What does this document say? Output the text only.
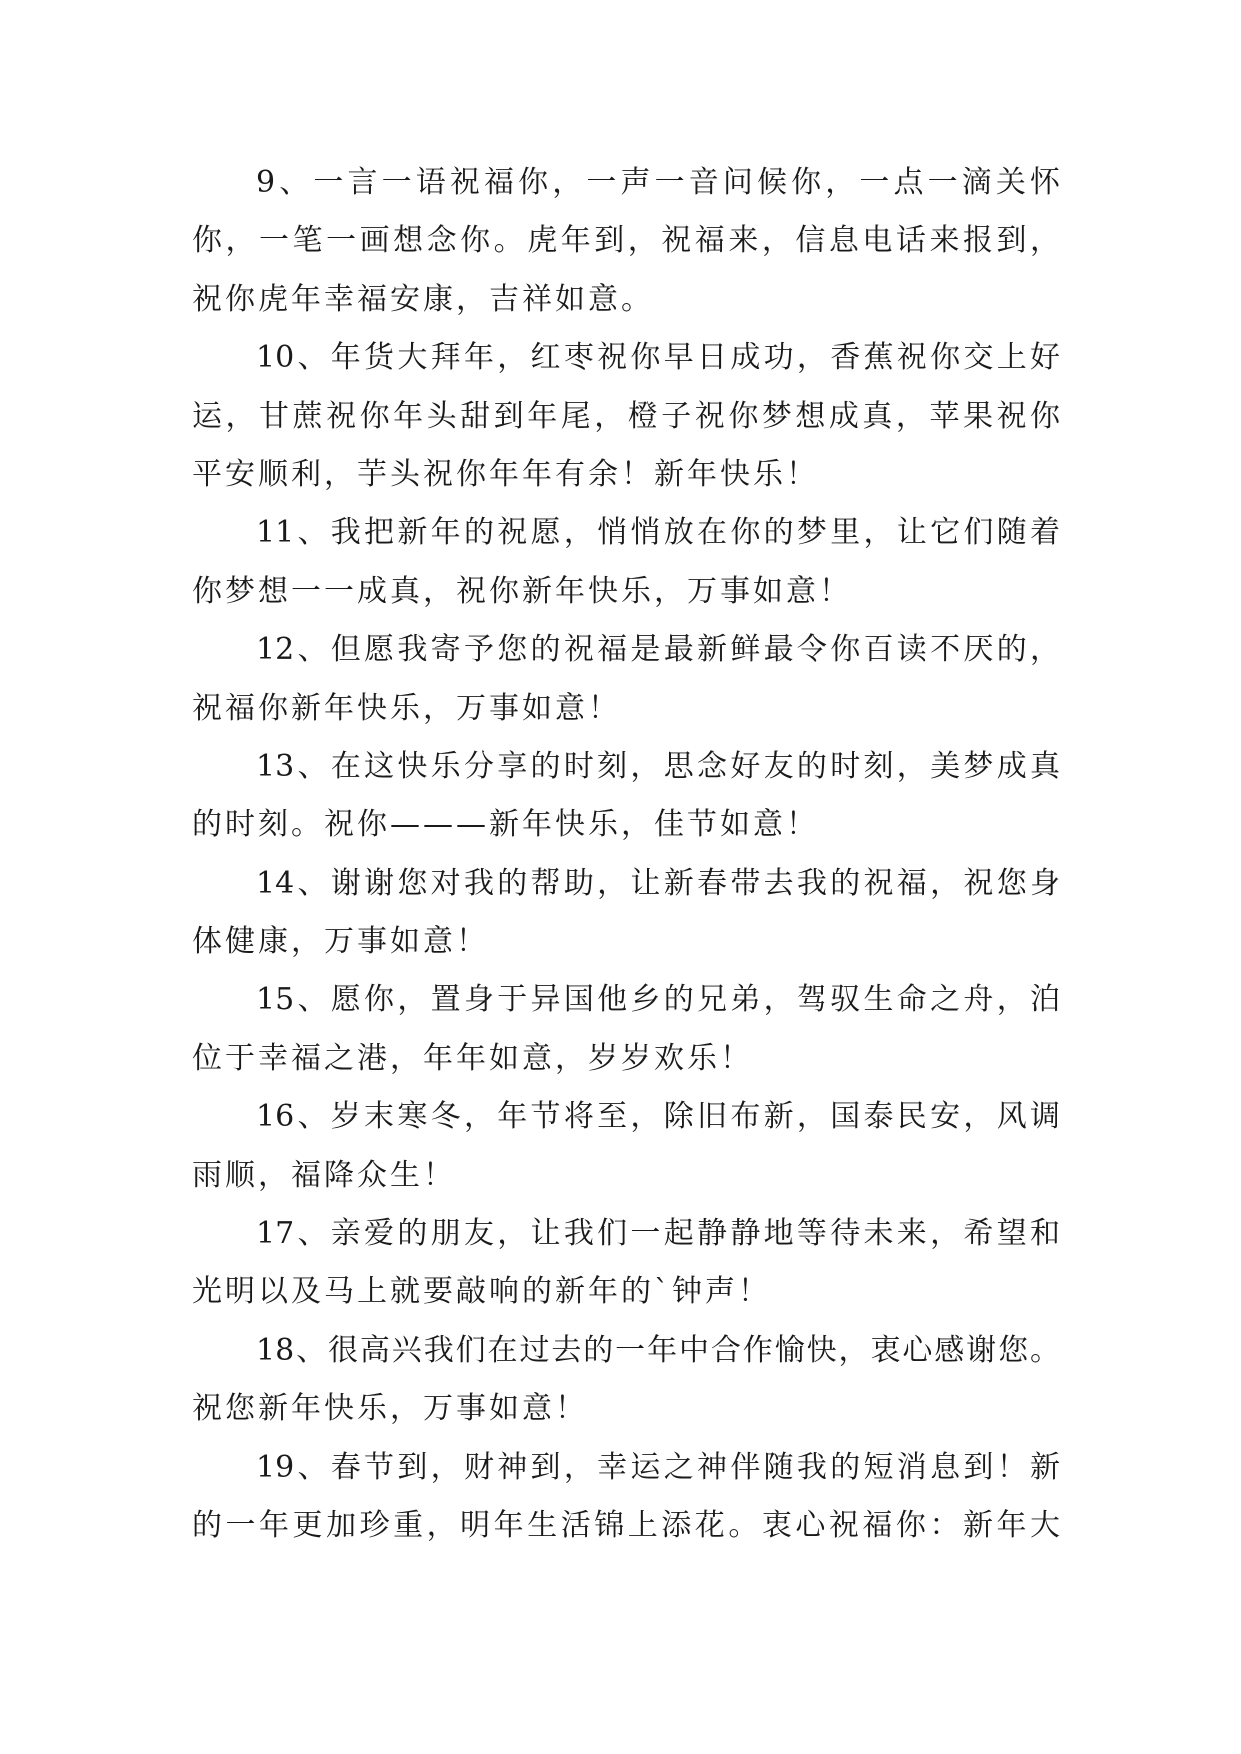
9、一言一语祝福你，一声一音问候你，一点一滴关怀
你，一笔一画想念你。虎年到，祝福来，信息电话来报到，
祝你虎年幸福安康，吉祥如意。
10、年货大拜年，红枣祝你早日成功，香蕉祝你交上好
运，甘蔗祝你年头甜到年尾，橙子祝你梦想成真，苹果祝你
平安顺利，芋头祝你年年有余！新年快乐！
11、我把新年的祝愿，悄悄放在你的梦里，让它们随着
你梦想一一成真，祝你新年快乐，万事如意！
12、但愿我寄予您的祝福是最新鲜最令你百读不厌的，
祝福你新年快乐，万事如意！
13、在这快乐分享的时刻，思念好友的时刻，美梦成真
的时刻。祝你———新年快乐，佳节如意！
14、谢谢您对我的帮助，让新春带去我的祝福，祝您身
体健康，万事如意！
15、愿你，置身于异国他乡的兄弟，驾驭生命之舟，泊
位于幸福之港，年年如意，岁岁欢乐！
16、岁末寒冬，年节将至，除旧布新，国泰民安，风调
雨顺，福降众生！
17、亲爱的朋友，让我们一起静静地等待未来，希望和
光明以及马上就要敲响的新年的`钟声！
18、很高兴我们在过去的一年中合作愉快，衷心感谢您。
祝您新年快乐，万事如意！
19、春节到，财神到，幸运之神伴随我的短消息到！新
的一年更加珍重，明年生活锦上添花。衷心祝福你：新年大
